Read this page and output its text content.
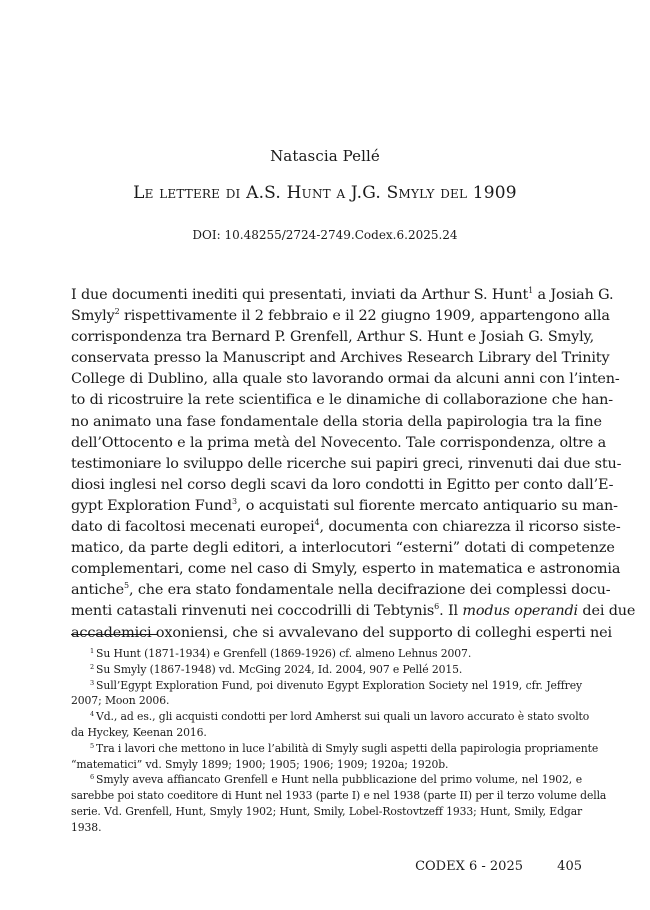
Natascia Pellé
Le lettere di A.S. Hunt a J.G. Smyly del 1909
DOI: 10.48255/2724-2749.Codex.6.2025.24
I due documenti inediti qui presentati, inviati da Arthur S. Hunt$^1$ a Josiah G.
Smyly$^2$ rispettivamente il 2 febbraio e il 22 giugno 1909, appartengono alla
corrispondenza tra Bernard P. Grenfell, Arthur S. Hunt e Josiah G. Smyly,
conservata presso la Manuscript and Archives Research Library del Trinity
College di Dublino, alla quale sto lavorando ormai da alcuni anni con l’inten-
to di ricostruire la rete scientifica e le dinamiche di collaborazione che han-
no animato una fase fondamentale della storia della papirologia tra la fine
dell’Ottocento e la prima metà del Novecento. Tale corrispondenza, oltre a
testimoniare lo sviluppo delle ricerche sui papiri greci, rinvenuti dai due stu-
diosi inglesi nel corso degli scavi da loro condotti in Egitto per conto dall’E-
gypt Exploration Fund$^3$, o acquistati sul fiorente mercato antiquario su man-
dato di facoltosi mecenati europei$^4$, documenta con chiarezza il ricorso siste-
matico, da parte degli editori, a interlocutori “esterni” dotati di competenze
complementari, come nel caso di Smyly, esperto in matematica e astronomia
antiche$^5$, che era stato fondamentale nella decifrazione dei complessi docu-
menti catastali rinvenuti nei coccodrilli di Tebtynis$^6$. Il modus operandi dei due
accademici oxoniensi, che si avvalevano del supporto di colleghi esperti nei
$^1$ Su Hunt (1871-1934) e Grenfell (1869-1926) cf. almeno Lehnus 2007.
$^2$ Su Smyly (1867-1948) vd. McGing 2024, Id. 2004, 907 e Pellé 2015.
$^3$ Sull’Egypt Exploration Fund, poi divenuto Egypt Exploration Society nel 1919, cfr. Jeffrey
2007; Moon 2006.
$^4$ Vd., ad es., gli acquisti condotti per lord Amherst sui quali un lavoro accurato è stato svolto
da Hyckey, Keenan 2016.
$^5$ Tra i lavori che mettono in luce l’abilità di Smyly sugli aspetti della papirologia propriamente
“matematici” vd. Smyly 1899; 1900; 1905; 1906; 1909; 1920a; 1920b.
$^6$ Smyly aveva affiancato Grenfell e Hunt nella pubblicazione del primo volume, nel 1902, e
sarebbe poi stato coeditore di Hunt nel 1933 (parte I) e nel 1938 (parte II) per il terzo volume della
serie. Vd. Grenfell, Hunt, Smyly 1902; Hunt, Smily, Lobel-Rostovtzeff 1933; Hunt, Smily, Edgar
1938.
CODEX 6 - 2025	405
